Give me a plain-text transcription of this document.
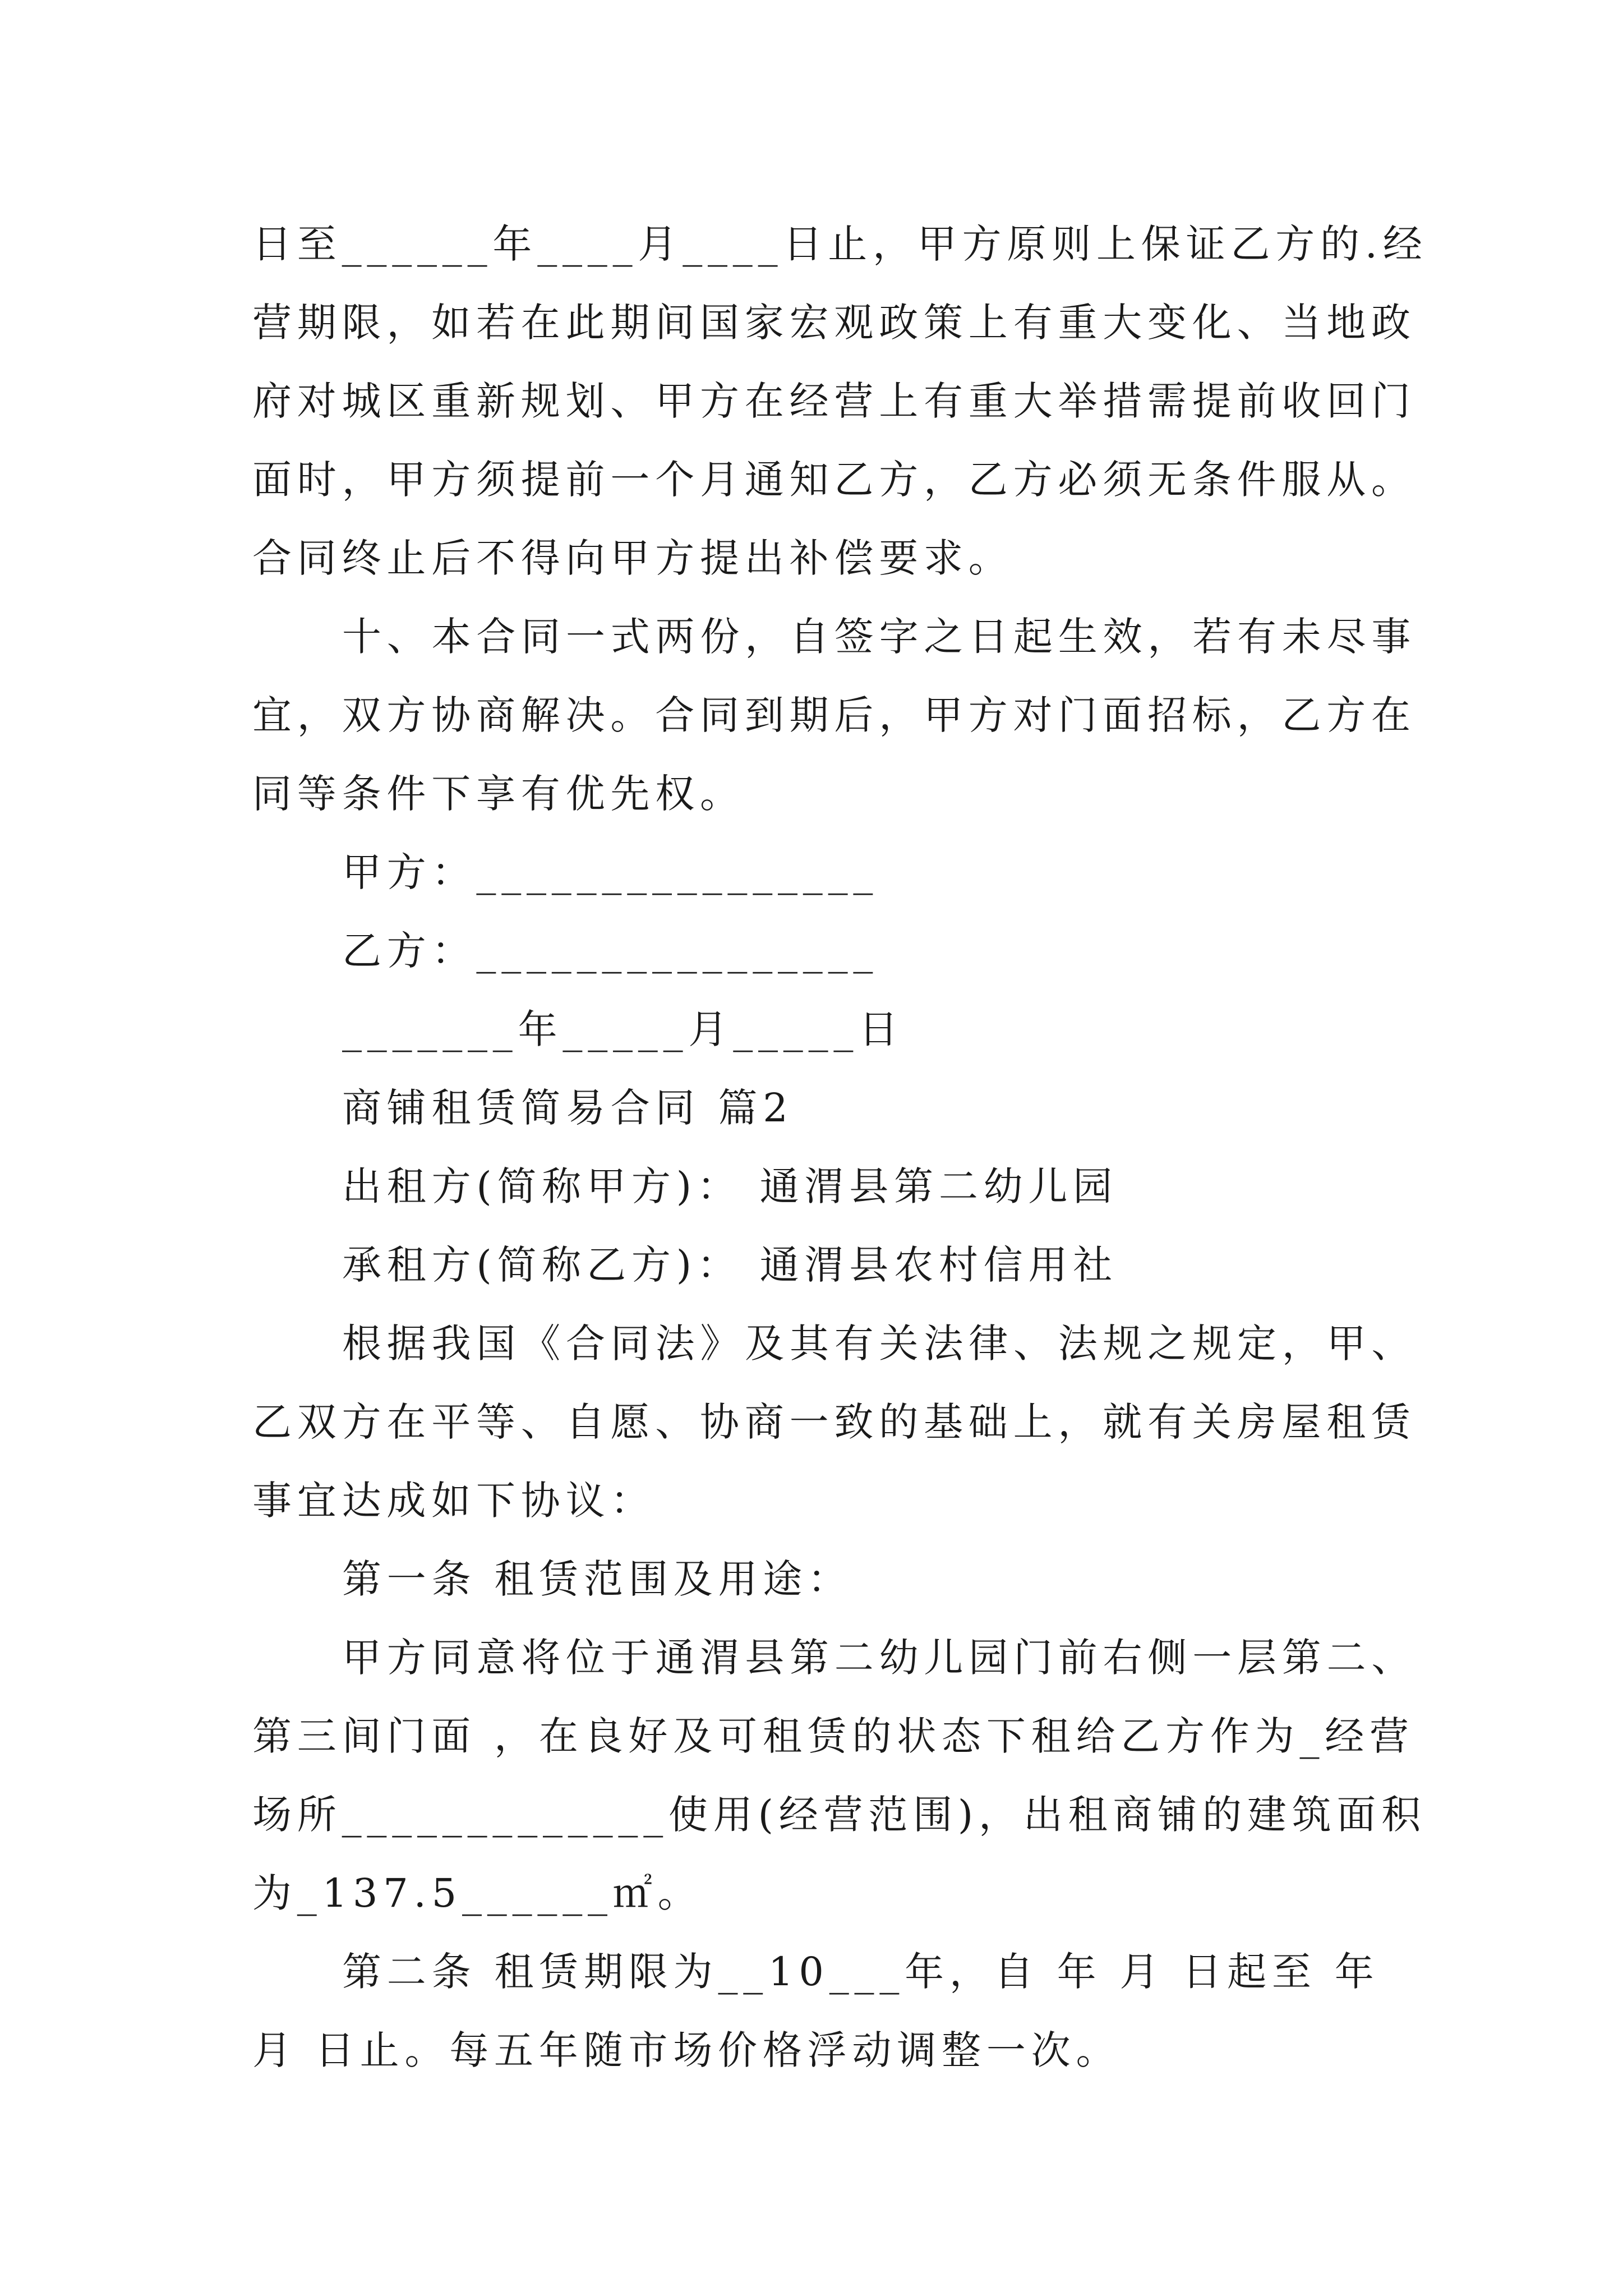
日至______年____月____日止，甲方原则上保证乙方的.经
营期限，如若在此期间国家宏观政策上有重大变化、当地政
府对城区重新规划、甲方在经营上有重大举措需提前收回门
面时，甲方须提前一个月通知乙方，乙方必须无条件服从。
合同终止后不得向甲方提出补偿要求。
十、本合同一式两份，自签字之日起生效，若有未尽事
宜，双方协商解决。合同到期后，甲方对门面招标，乙方在
同等条件下享有优先权。
甲方：________________
乙方：________________
_______年_____月_____日
商铺租赁简易合同 篇2
出租方(简称甲方)： 通渭县第二幼儿园
承租方(简称乙方)： 通渭县农村信用社
根据我国《合同法》及其有关法律、法规之规定，甲、
乙双方在平等、自愿、协商一致的基础上，就有关房屋租赁
事宜达成如下协议：
第一条 租赁范围及用途：
甲方同意将位于通渭县第二幼儿园门前右侧一层第二、
第三间门面 ，在良好及可租赁的状态下租给乙方作为_经营
场所_____________使用(经营范围)，出租商铺的建筑面积
为_137.5______㎡。
第二条 租赁期限为__10___年，自 年 月 日起至 年
月 日止。每五年随市场价格浮动调整一次。
